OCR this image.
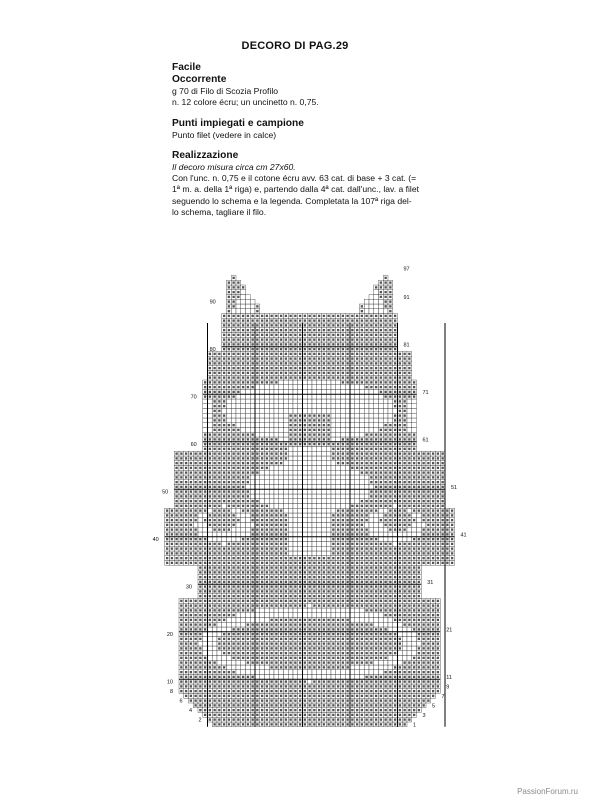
DECORO DI PAG.29
Facile
Occorrente
g 70 di Filo di Scozia Profilo
n. 12 colore écru; un uncinetto n. 0,75.
Punti impiegati e campione
Punto filet (vedere in calce)
Realizzazione
Il decoro misura circa cm 27x60.
Con l'unc. n. 0,75 e il cotone écru avv. 63 cat. di base + 3 cat. (=
1ª m. a. della 1ª riga) e, partendo dalla 4ª cat. dall'unc., lav. a filet
seguendo lo schema e la legenda. Completata la 107ª riga del-
lo schema, tagliare il filo.
90
80
70
60
50
40
30
20
10
8
6
4
2
97
91
81
71
61
51
41
31
21
11
9
7
5
3
1
PassionForum.ru
